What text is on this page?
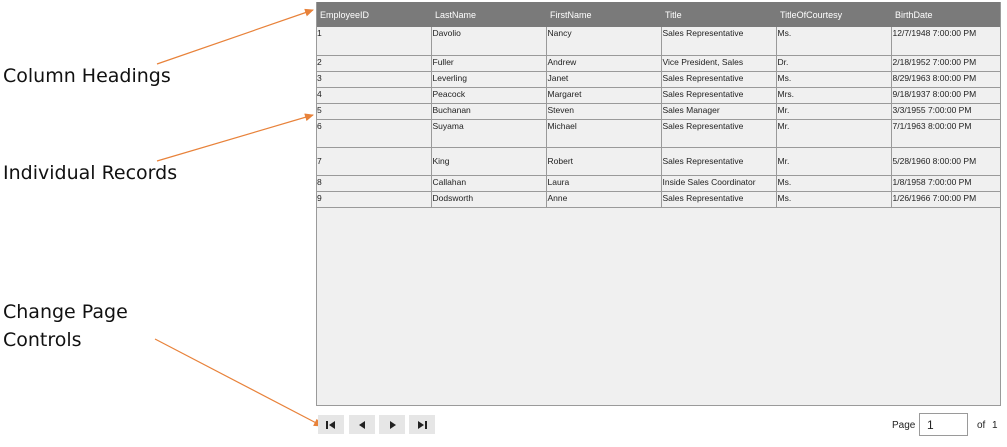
Column Headings
Individual Records
Change Page
Controls
EmployeeID	LastName	FirstName	Title	TitleOfCourtesy	BirthDate
1	Davolio	Nancy	Sales Representative	Ms.	12/7/1948 7:00:00 PM
2	Fuller	Andrew	Vice President, Sales	Dr.	2/18/1952 7:00:00 PM
3	Leverling	Janet	Sales Representative	Ms.	8/29/1963 8:00:00 PM
4	Peacock	Margaret	Sales Representative	Mrs.	9/18/1937 8:00:00 PM
5	Buchanan	Steven	Sales Manager	Mr.	3/3/1955 7:00:00 PM
6	Suyama	Michael	Sales Representative	Mr.	7/1/1963 8:00:00 PM
7	King	Robert	Sales Representative	Mr.	5/28/1960 8:00:00 PM
8	Callahan	Laura	Inside Sales Coordinator	Ms.	1/8/1958 7:00:00 PM
9	Dodsworth	Anne	Sales Representative	Ms.	1/26/1966 7:00:00 PM
Page
1	of 1
